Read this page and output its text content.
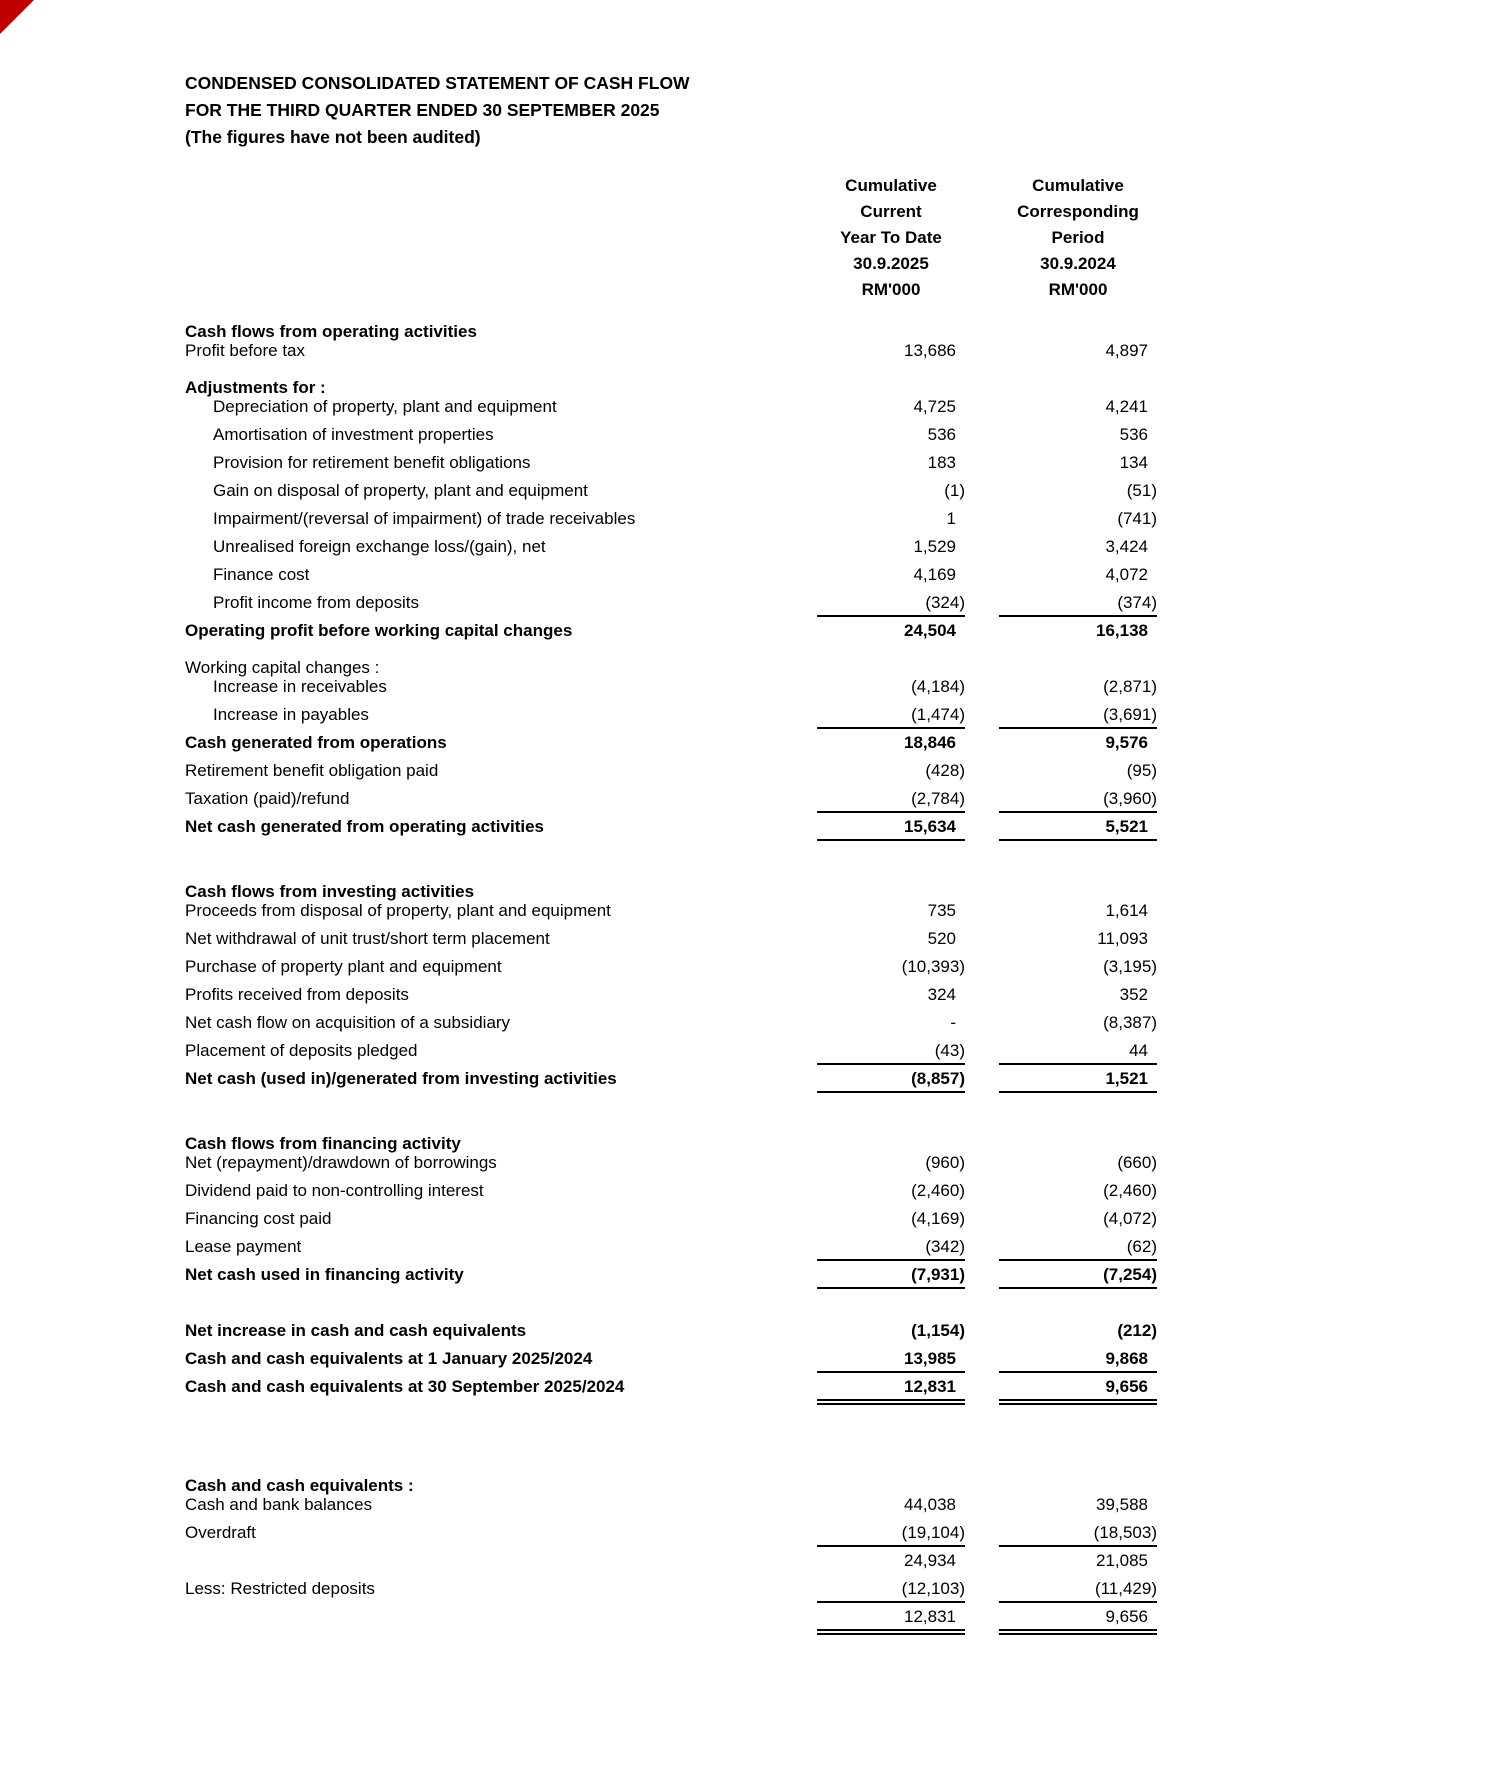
CONDENSED CONSOLIDATED STATEMENT OF CASH FLOW
FOR THE THIRD QUARTER ENDED 30 SEPTEMBER 2025
(The figures have not been audited)
Cumulative
Current
Year To Date
30.9.2025
RM'000
Cumulative
Corresponding
Period
30.9.2024
RM'000
Cash flows from operating activities
Profit before tax	13,686	4,897
Adjustments for :
Depreciation of property, plant and equipment	4,725	4,241
Amortisation of investment properties	536	536
Provision for retirement benefit obligations	183	134
Gain on disposal of property, plant and equipment	(1)	(51)
Impairment/(reversal of impairment) of trade receivables	1	(741)
Unrealised foreign exchange loss/(gain), net	1,529	3,424
Finance cost	4,169	4,072
Profit income from deposits	(324)	(374)
Operating profit before working capital changes	24,504	16,138
Working capital changes :
Increase in receivables	(4,184)	(2,871)
Increase in payables	(1,474)	(3,691)
Cash generated from operations	18,846	9,576
Retirement benefit obligation paid	(428)	(95)
Taxation (paid)/refund	(2,784)	(3,960)
Net cash generated from operating activities	15,634	5,521
Cash flows from investing activities
Proceeds from disposal of property, plant and equipment	735	1,614
Net withdrawal of unit trust/short term placement	520	11,093
Purchase of property plant and equipment	(10,393)	(3,195)
Profits received from deposits	324	352
Net cash flow on acquisition of a subsidiary	-	(8,387)
Placement of deposits pledged	(43)	44
Net cash (used in)/generated from investing activities	(8,857)	1,521
Cash flows from financing activity
Net (repayment)/drawdown of borrowings	(960)	(660)
Dividend paid to non-controlling interest	(2,460)	(2,460)
Financing cost paid	(4,169)	(4,072)
Lease payment	(342)	(62)
Net cash used in financing activity	(7,931)	(7,254)
Net increase in cash and cash equivalents	(1,154)	(212)
Cash and cash equivalents at 1 January 2025/2024	13,985	9,868
Cash and cash equivalents at 30 September 2025/2024	12,831	9,656
Cash and cash equivalents :
Cash and bank balances	44,038	39,588
Overdraft	(19,104)	(18,503)
24,934	21,085
Less: Restricted deposits	(12,103)	(11,429)
12,831	9,656
